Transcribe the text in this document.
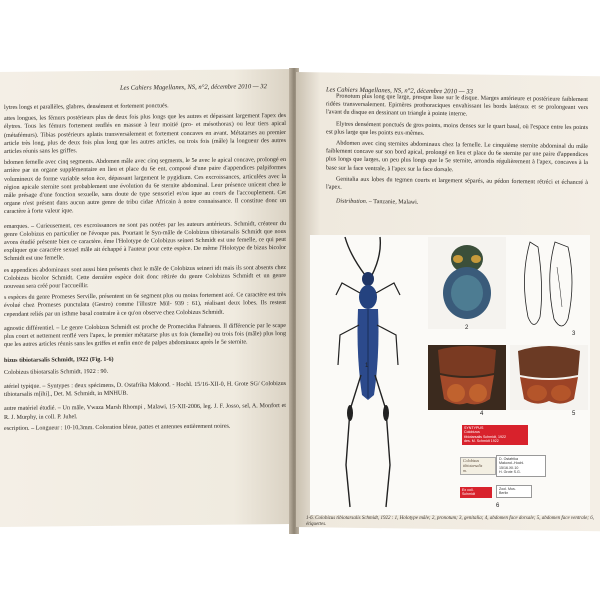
Les Cahiers Magellanes, NS, n°2, décembre 2010 — 32

lytres longs et parallèles, glabres, densément et fortement ponctués.

attes longues, les fémurs postérieurs plus de deux fois plus longs que les autres et dépassant largement l'apex des élytres. Tous les fémurs fortement renflés en massue à leur moitié (pro- et mésothorax) ou leur tiers apical (métafémurs). Tibias postérieurs aplatis transversalement et fortement concaves en avant. Métatarses au premier article très long, plus de deux fois plus long que les autres articles, ou trois fois (mâle) la longueur des autres articles réunis sans les griffes.

bdomen femelle avec cinq segments. Abdomen mâle avec cinq segments, le 5e avec le apical concave, prolongé en arrière par un organe supplémentaire en lieu et place du 6e ent, composé d'une paire d'appendices palpiformes volumineux de forme variable selon èce, dépassant largement le pygidium. Ces excroissances, articulées avec la région apicale sternite sont probablement une évolution du 6e sternite abdominal. Leur présence unicent chez le mâle présage d'une fonction sexuelle, sans doute de type sensoriel et/ou ique au cours de l'accouplement. Cet organe n'est présent dans aucun autre genre de tribu cidae Africain à notre connaissance. Il constitue donc un caractère à forte valeur ique.

emarques. – Curieusement, ces excroissances ne sont pas notées par les auteurs antérieurs. Schmidt, créateur du genre Colobizus en particulier ne l'évoque pas. Pourtant le Syn-mâle de Colobizus tibiotarsalis Schmidt que nous avons étudié présente bien ce caractère. ême l'Holotype de Colobizus seineri Schmidt est une femelle, ce qui peut expliquer que caractère sexuel mâle ait échappé à l'auteur pour cette espèce. De même l'Holotype de bizus bicolor Schmidt est une femelle.

es appendices abdominaux sont aussi bien présents chez le mâle de Colobizus seineri idt mais ils sont absents chez Colobizus bicolor Schmidt. Cette dernière espèce doit donc rétirée du genre Colobizus Schmidt et un genre nouveau sera créé pour l'accueillir.

s espèces du genre Promeses Serville, présentent un 6e segment plus ou moins fortement acé. Ce caractère est très évolué chez Promeses punctulata (Gestro) comme l'illustre Mül- 939 : 61), réalisant deux lobes. Ils restent cependant reliés par un isthme basal contraire à ce qu'on observe chez Colobizus Schmidt.

agnostic différentiel. – Le genre Colobizus Schmidt est proche de Promecidus Fahraeus. Il différencie par le scape plus court et nettement renflé vers l'apex, le premier métatarse plus ux fois (femelle) ou trois fois (mâle) plus long que les autres articles réunis sans les griffes et enfin ence de palpes abdominaux après le 5e sternite.

bizus tibiotarsalis Schmidt, 1922 (Fig. 1-6)

Colobizus tibiotarsalis Schmidt, 1922 : 90.

atériel typique. – Syntypes : deux spécimens, D. Ostafrika Makond. - Hochl. 15/16-XII-0, H. Grote SG/ Colobizus tibiotarsalis m[ihi]., Det. M. Schmidt, in MNHUB.

autre matériel étudié. – Un mâle, Vwaza Marsh Rhompi , Malawi, 15-XII-2006, leg. J. F. Josso, sel, A. Monfort et R. J. Murphy, in coll. P. Juhel.

escription. – Longueur : 10-10,3mm. Coloration bleue, pattes et antennes entièrement noires.

Les Cahiers Magellanes, NS, n°2, décembre 2010 — 33

Pronotum plus long que large, presque lisse sur le disque. Marges antérieure et postérieure faiblement ridées transversalement. Epimères prothoraciques envahissant les bords latéraux et se prolongeant vers l'avant du disque en dessinant un triangle à pointe interne.

Elytres densément ponctués de gros points, moins denses sur le quart basal, où l'espace entre les points est plus large que les points eux-mêmes.

Abdomen avec cinq sternites abdominaux chez la femelle. Le cinquième sternite abdominal du mâle faiblement concave sur son bord apical, prolongé en lieu et place du 6e sternite par une paire d'appendices plus longs que larges, un peu plus longs que le 5e sternite, arrondis régulièrement à l'apex, concaves à la base sur la face ventrale, à l'apex sur la face dorsale.

Genitalia aux lobes du tegmen courts et largement séparés, au pédon fortement rétréci et échancré à l'apex.

Distribution. – Tanzanie, Malawi.

1
2
3
4	5
SYNTYPUS
Colobizus
tibiotarsalis Schmidt, 1922
des. M. Schmidt 1922
Colobizus
tibiotarsalis
m.
D. Ostafrika
Makond.-Hochl.
15/16.XII.10
H. Grote S.G.
Zool. Mus.
Berlin
Ex coll.
Schmidt
6
1-6. Colobizus tibiotarsalis Schmidt, 1922 : 1, Holotype mâle; 2, pronotum; 3, genitalia; 4, abdomen face dorsale; 5, abdomen face ventrale; 6, étiquettes.
